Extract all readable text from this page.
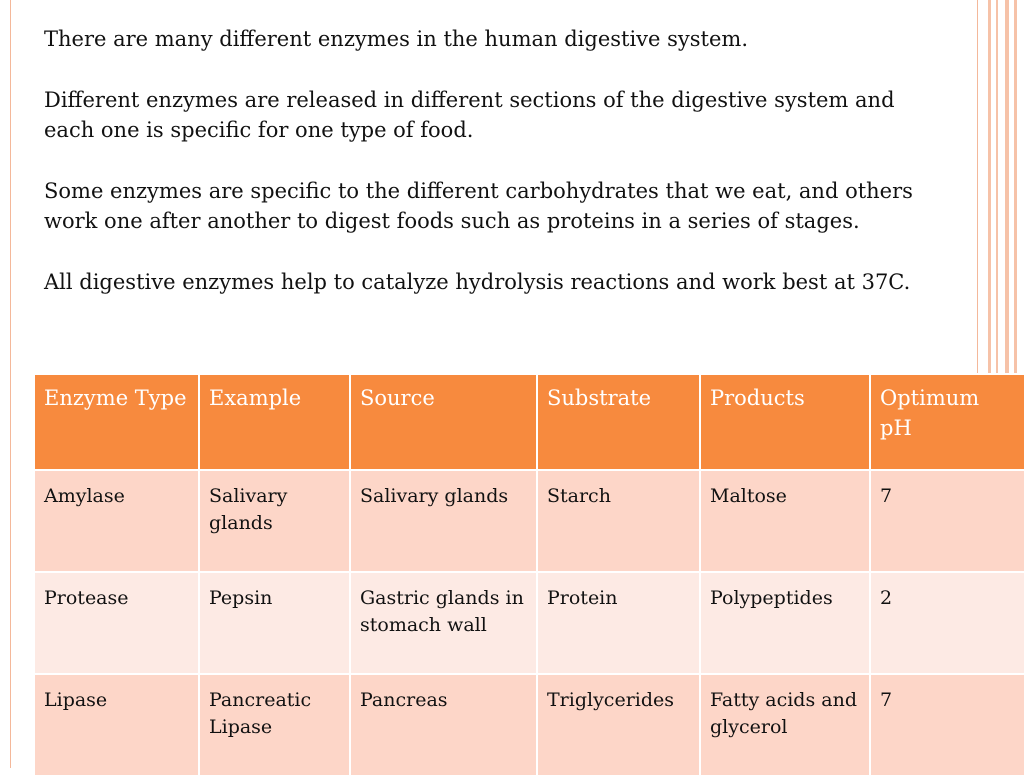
There are many different enzymes in the human digestive system.

Different enzymes are released in different sections of the digestive system and each one is specific for one type of food.

Some enzymes are specific to the different carbohydrates that we eat, and others work one after another to digest foods such as proteins in a series of stages.

All digestive enzymes help to catalyze hydrolysis reactions and work best at 37C.

Enzyme Type	Example	Source	Substrate	Products	Optimum pH
Amylase	Salivary glands	Salivary glands	Starch	Maltose	7
Protease	Pepsin	Gastric glands in stomach wall	Protein	Polypeptides	2
Lipase	Pancreatic Lipase	Pancreas	Triglycerides	Fatty acids and glycerol	7
